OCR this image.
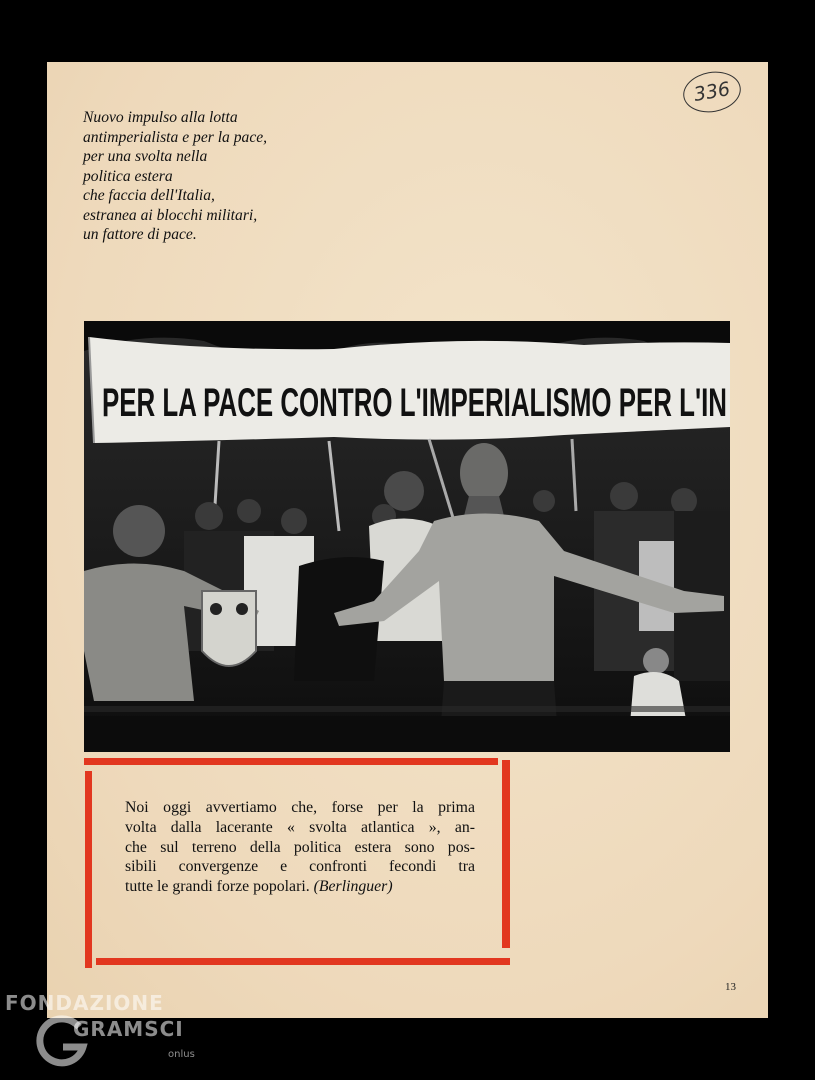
Nuovo impulso alla lotta
antimperialista e per la pace,
per una svolta nella
politica estera
che faccia dell'Italia,
estranea ai blocchi militari,
un fattore di pace.
336
PER LA PACE CONTRO L'IMPERIALISMO PER L'IN
Noi oggi avvertiamo che, forse per la prima
volta dalla lacerante « svolta atlantica », an-
che sul terreno della politica estera sono pos-
sibili convergenze e confronti fecondi tra
tutte le grandi forze popolari. (Berlinguer)
13
FONDAZIONE
GRAMSCI
onlus
